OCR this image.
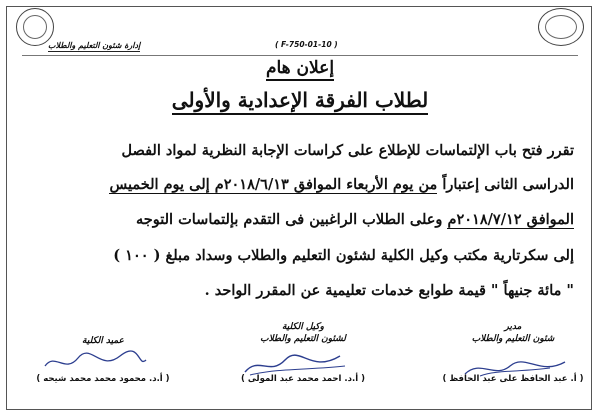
( F-750-01-10 )
إدارة شئون التعليم والطلاب
إعلان هام
لطلاب الفرقة الإعدادية والأولى
تقرر فتح باب الإلتماسات للإطلاع على كراسات الإجابة النظرية لمواد الفصل
الدراسى الثانى إعتباراً من يوم الأربعاء الموافق ٢٠١٨/٦/١٣م إلى يوم الخميس
الموافق ٢٠١٨/٧/١٢م وعلى الطلاب الراغبين فى التقدم بإلتماسات التوجه
إلى سكرتارية مكتب وكيل الكلية لشئون التعليم والطلاب وسداد مبلغ ( ١٠٠ )
" مائة جنيهاً " قيمة طوابع خدمات تعليمية عن المقرر الواحد .
مدير
شئون التعليم والطلاب
( أ. عبد الحافظ على عبد الحافظ )
وكيل الكلية
لشئون التعليم والطلاب
( أ.د. احمد محمد عبد المولى )
عميد الكلية
( أ.د. محمود محمد محمد شيحه )
